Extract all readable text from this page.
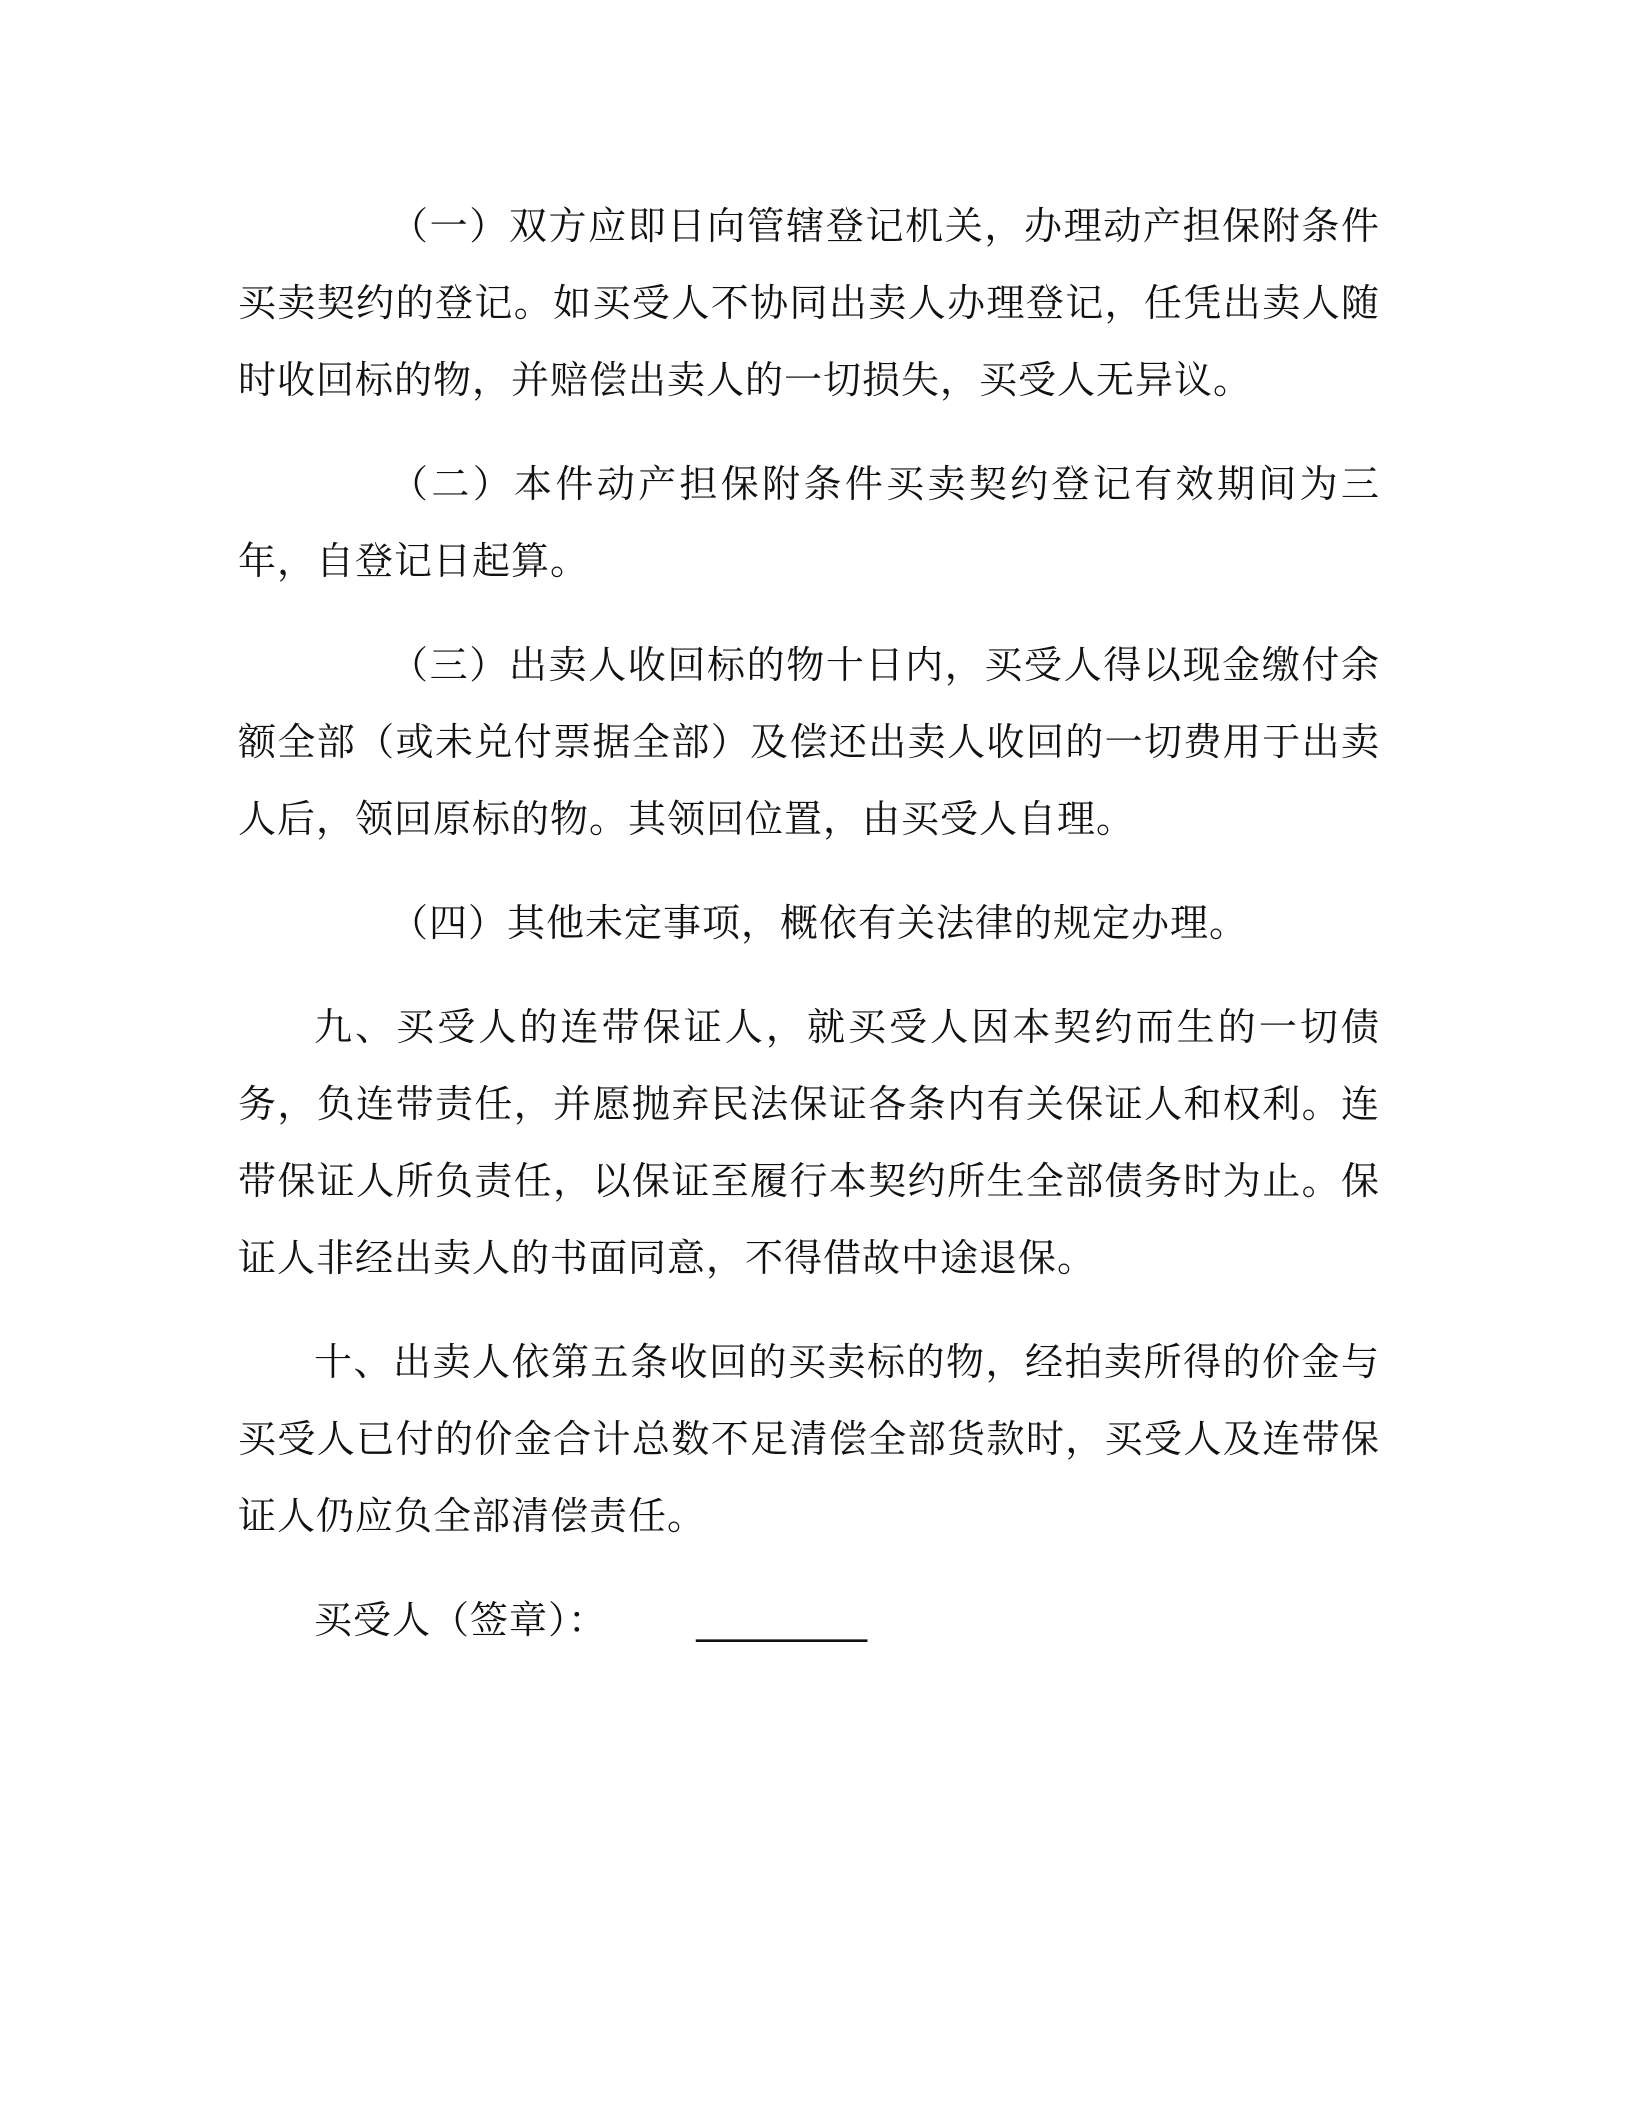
（一）双方应即日向管辖登记机关，办理动产担保附条件买卖契约的登记。如买受人不协同出卖人办理登记，任凭出卖人随时收回标的物，并赔偿出卖人的一切损失，买受人无异议。

（二）本件动产担保附条件买卖契约登记有效期间为三年，自登记日起算。

（三）出卖人收回标的物十日内，买受人得以现金缴付余额全部（或未兑付票据全部）及偿还出卖人收回的一切费用于出卖人后，领回原标的物。其领回位置，由买受人自理。

（四）其他未定事项，概依有关法律的规定办理。

九、买受人的连带保证人，就买受人因本契约而生的一切债务，负连带责任，并愿抛弃民法保证各条内有关保证人和权利。连带保证人所负责任，以保证至履行本契约所生全部债务时为止。保证人非经出卖人的书面同意，不得借故中途退保。

十、出卖人依第五条收回的买卖标的物，经拍卖所得的价金与买受人已付的价金合计总数不足清偿全部货款时，买受人及连带保证人仍应负全部清偿责任。

买受人（签章）： _________
